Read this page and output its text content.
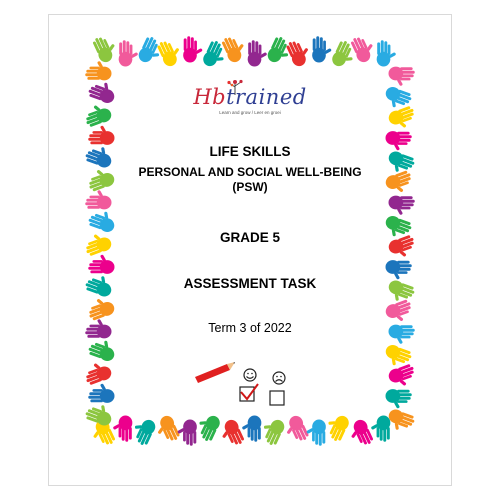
Hbtrained
Learn and grow / Leer en groei
LIFE SKILLS
PERSONAL AND SOCIAL WELL-BEING
(PSW)
GRADE 5
ASSESSMENT TASK
Term 3 of 2022
